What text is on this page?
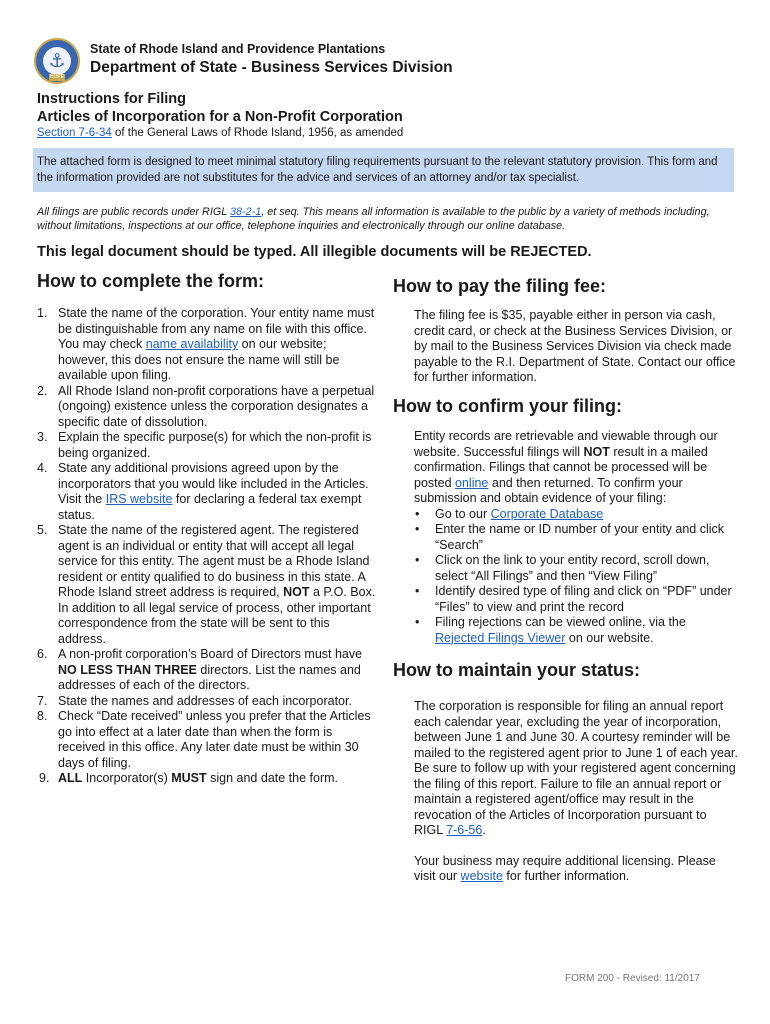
⚓
HOPE
State of Rhode Island and Providence Plantations
Department of State - Business Services Division
Instructions for Filing
Articles of Incorporation for a Non-Profit Corporation
Section 7-6-34 of the General Laws of Rhode Island, 1956, as amended
The attached form is designed to meet minimal statutory filing requirements pursuant to the relevant statutory provision. This form and the information provided are not substitutes for the advice and services of an attorney and/or tax specialist.
All filings are public records under RIGL 38-2-1, et seq. This means all information is available to the public by a variety of methods including, without limitations, inspections at our office, telephone inquiries and electronically through our online database.
This legal document should be typed. All illegible documents will be REJECTED.
How to complete the form:
1. State the name of the corporation. Your entity name must be distinguishable from any name on file with this office. You may check name availability on our website; however, this does not ensure the name will still be available upon filing.
2. All Rhode Island non-profit corporations have a perpetual (ongoing) existence unless the corporation designates a specific date of dissolution.
3. Explain the specific purpose(s) for which the non-profit is being organized.
4. State any additional provisions agreed upon by the incorporators that you would like included in the Articles. Visit the IRS website for declaring a federal tax exempt status.
5. State the name of the registered agent. The registered agent is an individual or entity that will accept all legal service for this entity. The agent must be a Rhode Island resident or entity qualified to do business in this state. A Rhode Island street address is required, NOT a P.O. Box. In addition to all legal service of process, other important correspondence from the state will be sent to this address.
6. A non-profit corporation’s Board of Directors must have NO LESS THAN THREE directors. List the names and addresses of each of the directors.
7. State the names and addresses of each incorporator.
8. Check “Date received” unless you prefer that the Articles go into effect at a later date than when the form is received in this office. Any later date must be within 30 days of filing.
9. ALL Incorporator(s) MUST sign and date the form.
How to pay the filing fee:
The filing fee is $35, payable either in person via cash, credit card, or check at the Business Services Division, or by mail to the Business Services Division via check made payable to the R.I. Department of State. Contact our office for further information.
How to confirm your filing:
Entity records are retrievable and viewable through our website. Successful filings will NOT result in a mailed confirmation. Filings that cannot be processed will be posted online and then returned. To confirm your submission and obtain evidence of your filing:
• Go to our Corporate Database
• Enter the name or ID number of your entity and click “Search”
• Click on the link to your entity record, scroll down, select “All Filings” and then “View Filing”
• Identify desired type of filing and click on “PDF” under “Files” to view and print the record
• Filing rejections can be viewed online, via the Rejected Filings Viewer on our website.
How to maintain your status:
The corporation is responsible for filing an annual report each calendar year, excluding the year of incorporation, between June 1 and June 30. A courtesy reminder will be mailed to the registered agent prior to June 1 of each year. Be sure to follow up with your registered agent concerning the filing of this report. Failure to file an annual report or maintain a registered agent/office may result in the revocation of the Articles of Incorporation pursuant to RIGL 7-6-56.
Your business may require additional licensing. Please visit our website for further information.
FORM 200 - Revised: 11/2017
